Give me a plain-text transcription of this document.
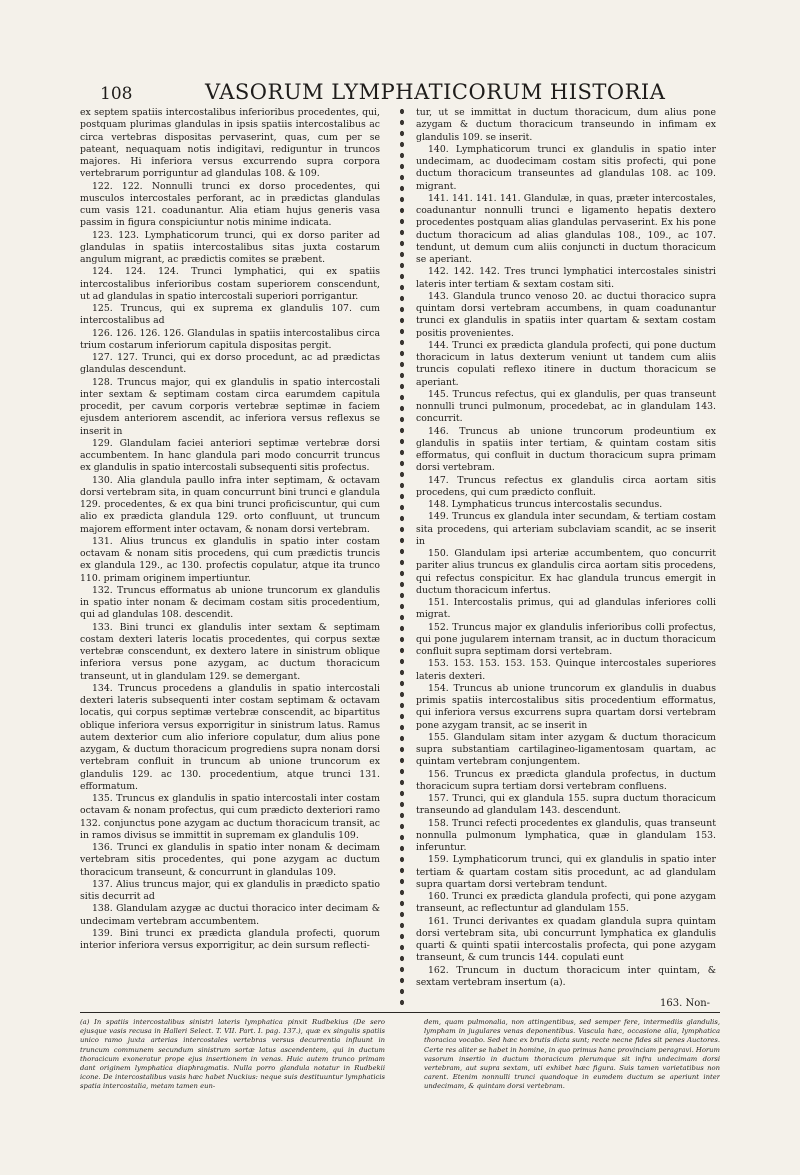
108	VASORUM LYMPHATICORUM HISTORIA

ex septem spatiis intercostalibus inferioribus procedentes, qui, postquam plurimas glandulas in ipsis spatiis intercostalibus ac circa vertebras dispositas pervaserint, quas, cum per se pateant, nequaquam notis indigitavi, rediguntur in truncos majores. Hi inferiora versus excurrendo supra corpora vertebrarum porriguntur ad glandulas 108. & 109.

122. 122. Nonnulli trunci ex dorso procedentes, qui musculos intercostales perforant, ac in prædictas glandulas cum vasis 121. coadunantur. Alia etiam hujus generis vasa passim in figura conspiciuntur notis minime indicata.

123. 123. Lymphaticorum trunci, qui ex dorso pariter ad glandulas in spatiis intercostalibus sitas juxta costarum angulum migrant, ac prædictis comites se præbent.

124. 124. 124. Trunci lymphatici, qui ex spatiis intercostalibus inferioribus costam superiorem conscendunt, ut ad glandulas in spatio intercostali superiori porrigantur.

125. Truncus, qui ex suprema ex glandulis 107. cum intercostalibus ad

126. 126. 126. 126. Glandulas in spatiis intercostalibus circa trium costarum inferiorum capitula dispositas pergit.

127. 127. Trunci, qui ex dorso procedunt, ac ad prædictas glandulas descendunt.

128. Truncus major, qui ex glandulis in spatio intercostali inter sextam & septimam costam circa earumdem capitula procedit, per cavum corporis vertebræ septimæ in faciem ejusdem anteriorem ascendit, ac inferiora versus reflexus se inserit in

129. Glandulam faciei anteriori septimæ vertebræ dorsi accumbentem. In hanc glandula pari modo concurrit truncus ex glandulis in spatio intercostali subsequenti sitis profectus.

130. Alia glandula paullo infra inter septimam, & octavam dorsi vertebram sita, in quam concurrunt bini trunci e glandula 129. procedentes, & ex qua bini trunci proficiscuntur, qui cum alio ex prædicta glandula 129. orto confluunt, ut truncum majorem efforment inter octavam, & nonam dorsi vertebram.

131. Alius truncus ex glandulis in spatio inter costam octavam & nonam sitis procedens, qui cum prædictis truncis ex glandula 129., ac 130. profectis copulatur, atque ita trunco 110. primam originem impertiuntur.

132. Truncus efformatus ab unione truncorum ex glandulis in spatio inter nonam & decimam costam sitis procedentium, qui ad glandulas 108. descendit.

133. Bini trunci ex glandulis inter sextam & septimam costam dexteri lateris locatis procedentes, qui corpus sextæ vertebræ conscendunt, ex dextero latere in sinistrum oblique inferiora versus pone azygam, ac ductum thoracicum transeunt, ut in glandulam 129. se demergant.

134. Truncus procedens a glandulis in spatio intercostali dexteri lateris subsequenti inter costam septimam & octavam locatis, qui corpus septimæ vertebræ conscendit, ac bipartitus oblique inferiora versus exporrigitur in sinistrum latus. Ramus autem dexterior cum alio inferiore copulatur, dum alius pone azygam, & ductum thoracicum progrediens supra nonam dorsi vertebram confluit in truncum ab unione truncorum ex glandulis 129. ac 130. procedentium, atque trunci 131. efformatum.

135. Truncus ex glandulis in spatio intercostali inter costam octavam & nonam profectus, qui cum prædicto dexteriori ramo 132. conjunctus pone azygam ac ductum thoracicum transit, ac in ramos divisus se immittit in supremam ex glandulis 109.

136. Trunci ex glandulis in spatio inter nonam & decimam vertebram sitis procedentes, qui pone azygam ac ductum thoracicum transeunt, & concurrunt in glandulas 109.

137. Alius truncus major, qui ex glandulis in prædicto spatio sitis decurrit ad

138. Glandulam azygæ ac ductui thoracico inter decimam & undecimam vertebram accumbentem.

139. Bini trunci ex prædicta glandula profecti, quorum interior inferiora versus exporrigitur, ac dein sursum reflecti-

tur, ut se immittat in ductum thoracicum, dum alius pone azygam & ductum thoracicum transeundo in infimam ex glandulis 109. se inserit.

140. Lymphaticorum trunci ex glandulis in spatio inter undecimam, ac duodecimam costam sitis profecti, qui pone ductum thoracicum transeuntes ad glandulas 108. ac 109. migrant.

141. 141. 141. 141. Glandulæ, in quas, præter intercostales, coadunantur nonnulli trunci e ligamento hepatis dextero procedentes postquam alias glandulas pervaserint. Ex his pone ductum thoracicum ad alias glandulas 108., 109., ac 107. tendunt, ut demum cum aliis conjuncti in ductum thoracicum se aperiant.

142. 142. 142. Tres trunci lymphatici intercostales sinistri lateris inter tertiam & sextam costam siti.

143. Glandula trunco venoso 20. ac ductui thoracico supra quintam dorsi vertebram accumbens, in quam coadunantur trunci ex glandulis in spatiis inter quartam & sextam costam positis provenientes.

144. Trunci ex prædicta glandula profecti, qui pone ductum thoracicum in latus dexterum veniunt ut tandem cum aliis truncis copulati reflexo itinere in ductum thoracicum se aperiant.

145. Truncus refectus, qui ex glandulis, per quas transeunt nonnulli trunci pulmonum, procedebat, ac in glandulam 143. concurrit.

146. Truncus ab unione truncorum prodeuntium ex glandulis in spatiis inter tertiam, & quintam costam sitis efformatus, qui confluit in ductum thoracicum supra primam dorsi vertebram.

147. Truncus refectus ex glandulis circa aortam sitis procedens, qui cum prædicto confluit.

148. Lymphaticus truncus intercostalis secundus.

149. Truncus ex glandula inter secundam, & tertiam costam sita procedens, qui arteriam subclaviam scandit, ac se inserit in

150. Glandulam ipsi arteriæ accumbentem, quo concurrit pariter alius truncus ex glandulis circa aortam sitis procedens, qui refectus conspicitur. Ex hac glandula truncus emergit in ductum thoracicum infertus.

151. Intercostalis primus, qui ad glandulas inferiores colli migrat.

152. Truncus major ex glandulis inferioribus colli profectus, qui pone jugularem internam transit, ac in ductum thoracicum confluit supra septimam dorsi vertebram.

153. 153. 153. 153. 153. Quinque intercostales superiores lateris dexteri.

154. Truncus ab unione truncorum ex glandulis in duabus primis spatiis intercostalibus sitis procedentium efformatus, qui inferiora versus excurrens supra quartam dorsi vertebram pone azygam transit, ac se inserit in

155. Glandulam sitam inter azygam & ductum thoracicum supra substantiam cartilagineo-ligamentosam quartam, ac quintam vertebram conjungentem.

156. Truncus ex prædicta glandula profectus, in ductum thoracicum supra tertiam dorsi vertebram confluens.

157. Trunci, qui ex glandula 155. supra ductum thoracicum transeundo ad glandulam 143. descendunt.

158. Trunci refecti procedentes ex glandulis, quas transeunt nonnulla pulmonum lymphatica, quæ in glandulam 153. inferuntur.

159. Lymphaticorum trunci, qui ex glandulis in spatio inter tertiam & quartam costam sitis procedunt, ac ad glandulam supra quartam dorsi vertebram tendunt.

160. Trunci ex prædicta glandula profecti, qui pone azygam transeunt, ac reflectuntur ad glandulam 155.

161. Trunci derivantes ex quadam glandula supra quintam dorsi vertebram sita, ubi concurrunt lymphatica ex glandulis quarti & quinti spatii intercostalis profecta, qui pone azygam transeunt, & cum truncis 144. copulati eunt

162. Truncum in ductum thoracicum inter quintam, & sextam vertebram insertum (a).

163. Non-

(a) In spatiis intercostalibus sinistri lateris lymphatica pinxit Rudbekius (De sero ejusque vasis recusa in Halleri Select. T. VII. Part. I. pag. 137.), quæ ex singulis spatiis unico ramo juxta arterias intercostales vertebras versus decurrentia influunt in truncum communem secundum sinistrum sortæ latus ascendentem, qui in ductum thoracicum exoneratur prope ejus insertionem in venas. Huic autem trunco primam dant originem lymphatica diaphragmatis. Nulla porro glandula notatur in Rudbekii icone. De intercostalibus vasis hæc habet Nuckius: neque suis destituuntur lymphaticis spatia intercostalia, metam tamen eun-

dem, quam pulmonalia, non attingentibus, sed semper fere, intermediis glandulis, lympham in jugulares venas deponentibus. Vascula hæc, occasione alia, lymphatica thoracica vocabo. Sed hæc ex brutis dicta sunt; recte necne fides sit penes Auctores. Certe res aliter se habet in homine, in quo primus hanc provinciam peragravi. Horum vasorum insertio in ductum thoracicum plerumque sit infra undecimam dorsi vertebram, aut supra sextam, uti exhibet hæc figura. Suis tamen varietatibus non carent. Etenim nonnulli trunci quandoque in eumdem ductum se aperiunt inter undecimam, & quintam dorsi vertebram.
